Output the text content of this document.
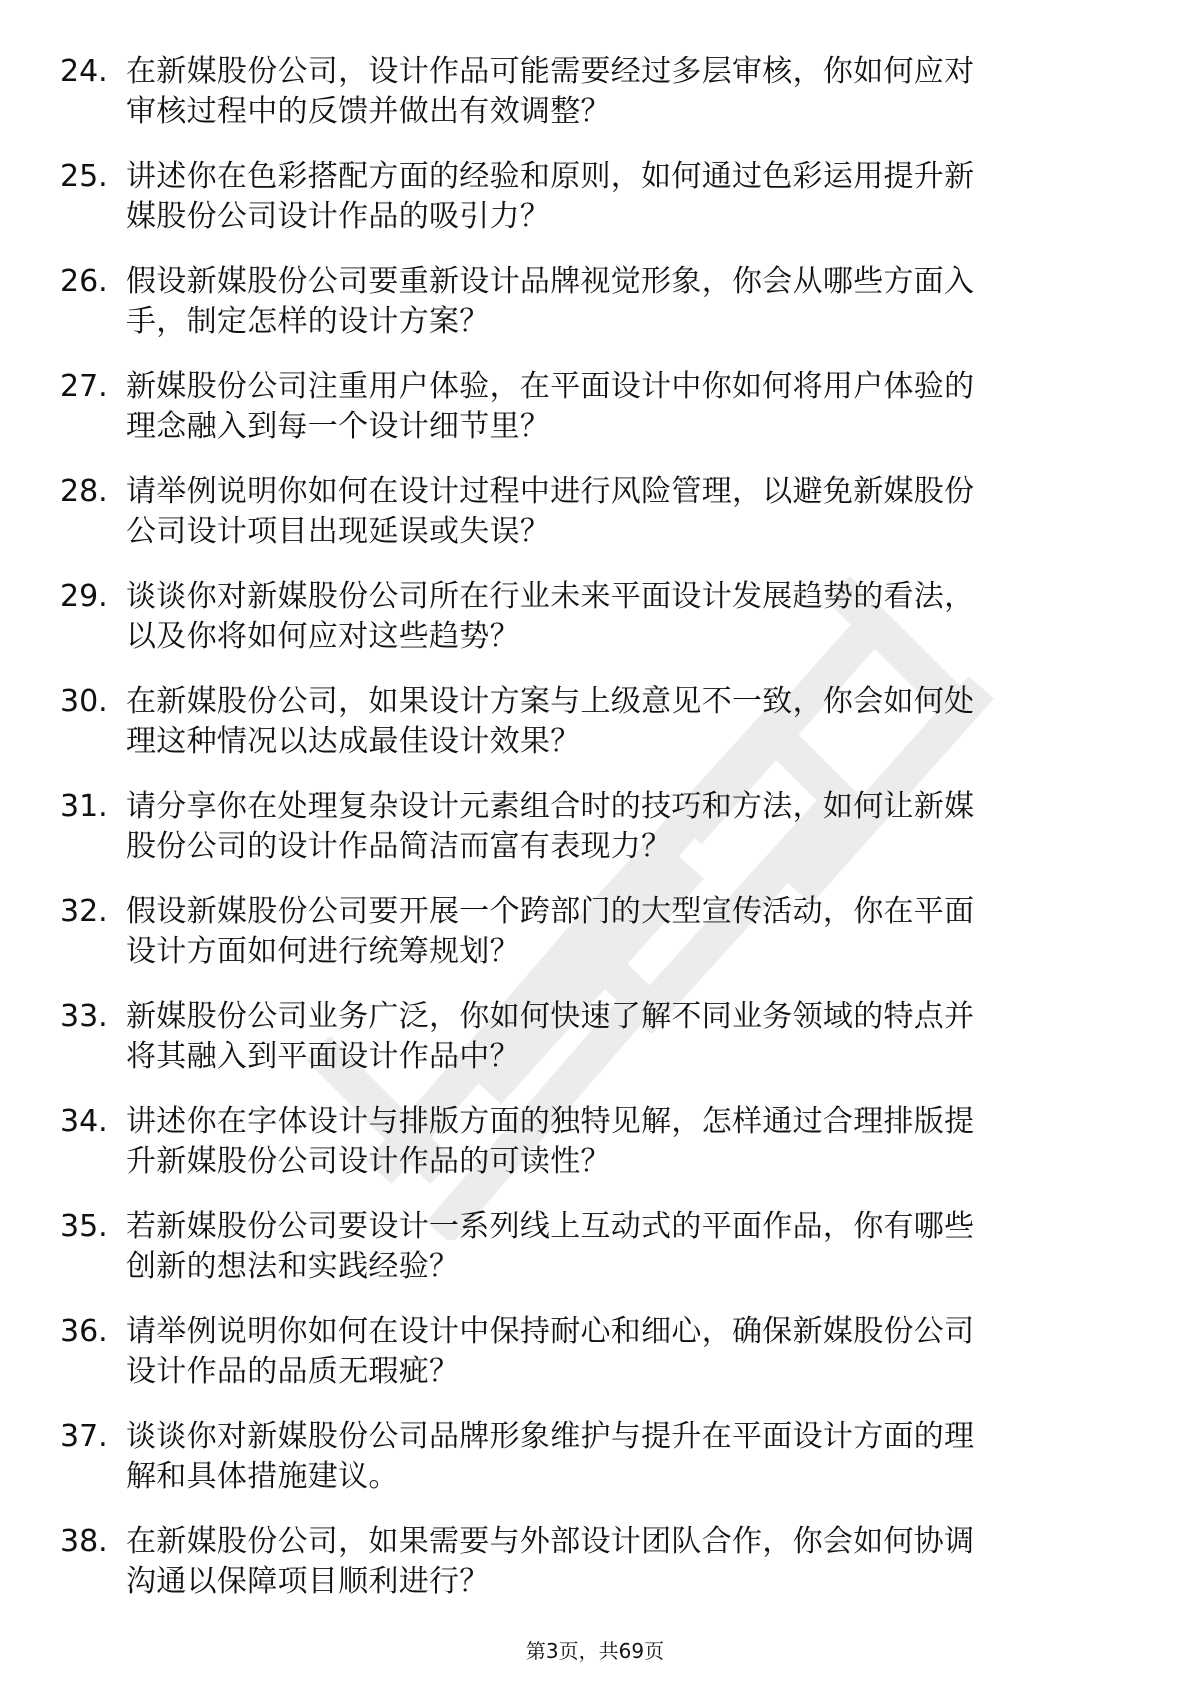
24. 在新媒股份公司，设计作品可能需要经过多层审核，你如何应对
审核过程中的反馈并做出有效调整？
25. 讲述你在色彩搭配方面的经验和原则，如何通过色彩运用提升新
媒股份公司设计作品的吸引力？
26. 假设新媒股份公司要重新设计品牌视觉形象，你会从哪些方面入
手，制定怎样的设计方案？
27. 新媒股份公司注重用户体验，在平面设计中你如何将用户体验的
理念融入到每一个设计细节里？
28. 请举例说明你如何在设计过程中进行风险管理，以避免新媒股份
公司设计项目出现延误或失误？
29. 谈谈你对新媒股份公司所在行业未来平面设计发展趋势的看法，
以及你将如何应对这些趋势？
30. 在新媒股份公司，如果设计方案与上级意见不一致，你会如何处
理这种情况以达成最佳设计效果？
31. 请分享你在处理复杂设计元素组合时的技巧和方法，如何让新媒
股份公司的设计作品简洁而富有表现力？
32. 假设新媒股份公司要开展一个跨部门的大型宣传活动，你在平面
设计方面如何进行统筹规划？
33. 新媒股份公司业务广泛，你如何快速了解不同业务领域的特点并
将其融入到平面设计作品中？
34. 讲述你在字体设计与排版方面的独特见解，怎样通过合理排版提
升新媒股份公司设计作品的可读性？
35. 若新媒股份公司要设计一系列线上互动式的平面作品，你有哪些
创新的想法和实践经验？
36. 请举例说明你如何在设计中保持耐心和细心，确保新媒股份公司
设计作品的品质无瑕疵？
37. 谈谈你对新媒股份公司品牌形象维护与提升在平面设计方面的理
解和具体措施建议。
38. 在新媒股份公司，如果需要与外部设计团队合作，你会如何协调
沟通以保障项目顺利进行？
第3页，共69页
